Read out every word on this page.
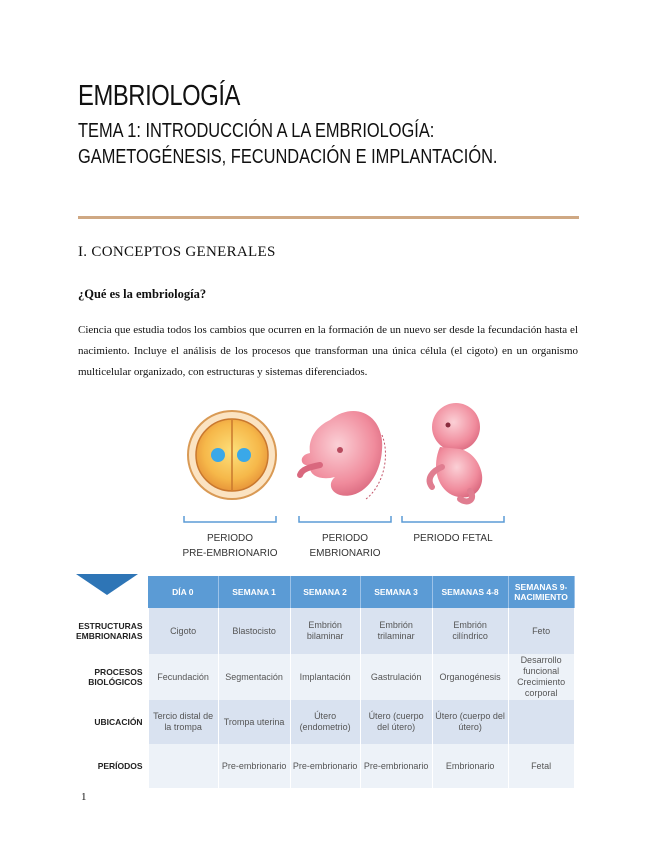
EMBRIOLOGÍA
TEMA 1: INTRODUCCIÓN A LA EMBRIOLOGÍA: GAMETOGÉNESIS, FECUNDACIÓN E IMPLANTACIÓN.
I. CONCEPTOS GENERALES
¿Qué es la embriología?

Ciencia que estudia todos los cambios que ocurren en la formación de un nuevo ser desde la fecundación hasta el nacimiento. Incluye el análisis de los procesos que transforman una única célula (el cigoto) en un organismo multicelular organizado, con estructuras y sistemas diferenciados.

PERIODO
PRE-EMBRIONARIO
PERIODO
EMBRIONARIO
PERIODO FETAL
	DÍA 0	SEMANA 1	SEMANA 2	SEMANA 3	SEMANAS 4-8	SEMANAS 9-NACIMIENTO
ESTRUCTURAS EMBRIONARIAS	Cigoto	Blastocisto	Embrión bilaminar	Embrión trilaminar	Embrión cilíndrico	Feto
PROCESOS BIOLÓGICOS	Fecundación	Segmentación	Implantación	Gastrulación	Organogénesis	Desarrollo funcional Crecimiento corporal
UBICACIÓN	Tercio distal de la trompa	Trompa uterina	Útero (endometrio)	Útero (cuerpo del útero)	Útero (cuerpo del útero)	
PERÍODOS		Pre-embrionario	Pre-embrionario	Pre-embrionario	Embrionario	Fetal
1
